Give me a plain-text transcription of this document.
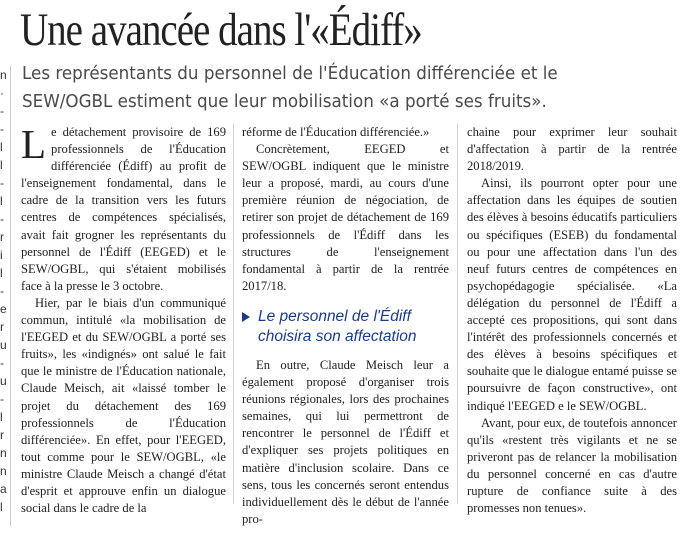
n
·
-
-
l
l
-
l
-
r
i
l
-
e
r
u
-
u
-
l
r
n
n
a
l
Une avancée dans l'«Édiff»
Les représentants du personnel de l'Éducation différenciée et le
SEW/OGBL estiment que leur mobilisation «a porté ses fruits».

Le détachement provisoire de 169 professionnels de l'Éducation différenciée (Édiff) au profit de l'enseignement fondamental, dans le cadre de la transition vers les futurs centres de compétences spécialisés, avait fait grogner les représentants du personnel de l'Édiff (EEGED) et le SEW/OGBL, qui s'étaient mobilisés face à la presse le 3 octobre.

Hier, par le biais d'un communiqué commun, intitulé «la mobilisation de l'EEGED et du SEW/OGBL a porté ses fruits», les «indignés» ont salué le fait que le ministre de l'Éducation nationale, Claude Meisch, ait «laissé tomber le projet du détachement des 169 professionnels de l'Éducation différenciée». En effet, pour l'EEGED, tout comme pour le SEW/OGBL, «le ministre Claude Meisch a changé d'état d'esprit et approuve enfin un dialogue social dans le cadre de la

réforme de l'Éducation différenciée.»

Concrètement, EEGED et SEW/OGBL indiquent que le ministre leur a proposé, mardi, au cours d'une première réunion de négociation, de retirer son projet de détachement de 169 professionnels de l'Édiff dans les structures de l'enseignement fondamental à partir de la rentrée 2017/18.

Le personnel de l'Édiff
choisira son affectation

En outre, Claude Meisch leur a également proposé d'organiser trois réunions régionales, lors des prochaines semaines, qui lui permettront de rencontrer le personnel de l'Édiff et d'expliquer ses projets politiques en matière d'inclusion scolaire. Dans ce sens, tous les concernés seront entendus individuellement dès le début de l'année pro-

chaine pour exprimer leur souhait d'affectation à partir de la rentrée 2018/2019.

Ainsi, ils pourront opter pour une affectation dans les équipes de soutien des élèves à besoins éducatifs particuliers ou spécifiques (ESEB) du fondamental ou pour une affectation dans l'un des neuf futurs centres de compétences en psychopédagogie spécialisée. «La délégation du personnel de l'Édiff a accepté ces propositions, qui sont dans l'intérêt des professionnels concernés et des élèves à besoins spécifiques et souhaite que le dialogue entamé puisse se poursuivre de façon constructive», ont indiqué l'EEGED e le SEW/OGBL.

Avant, pour eux, de toutefois annoncer qu'ils «restent très vigilants et ne se priveront pas de relancer la mobilisation du personnel concerné en cas d'autre rupture de confiance suite à des promesses non tenues».
